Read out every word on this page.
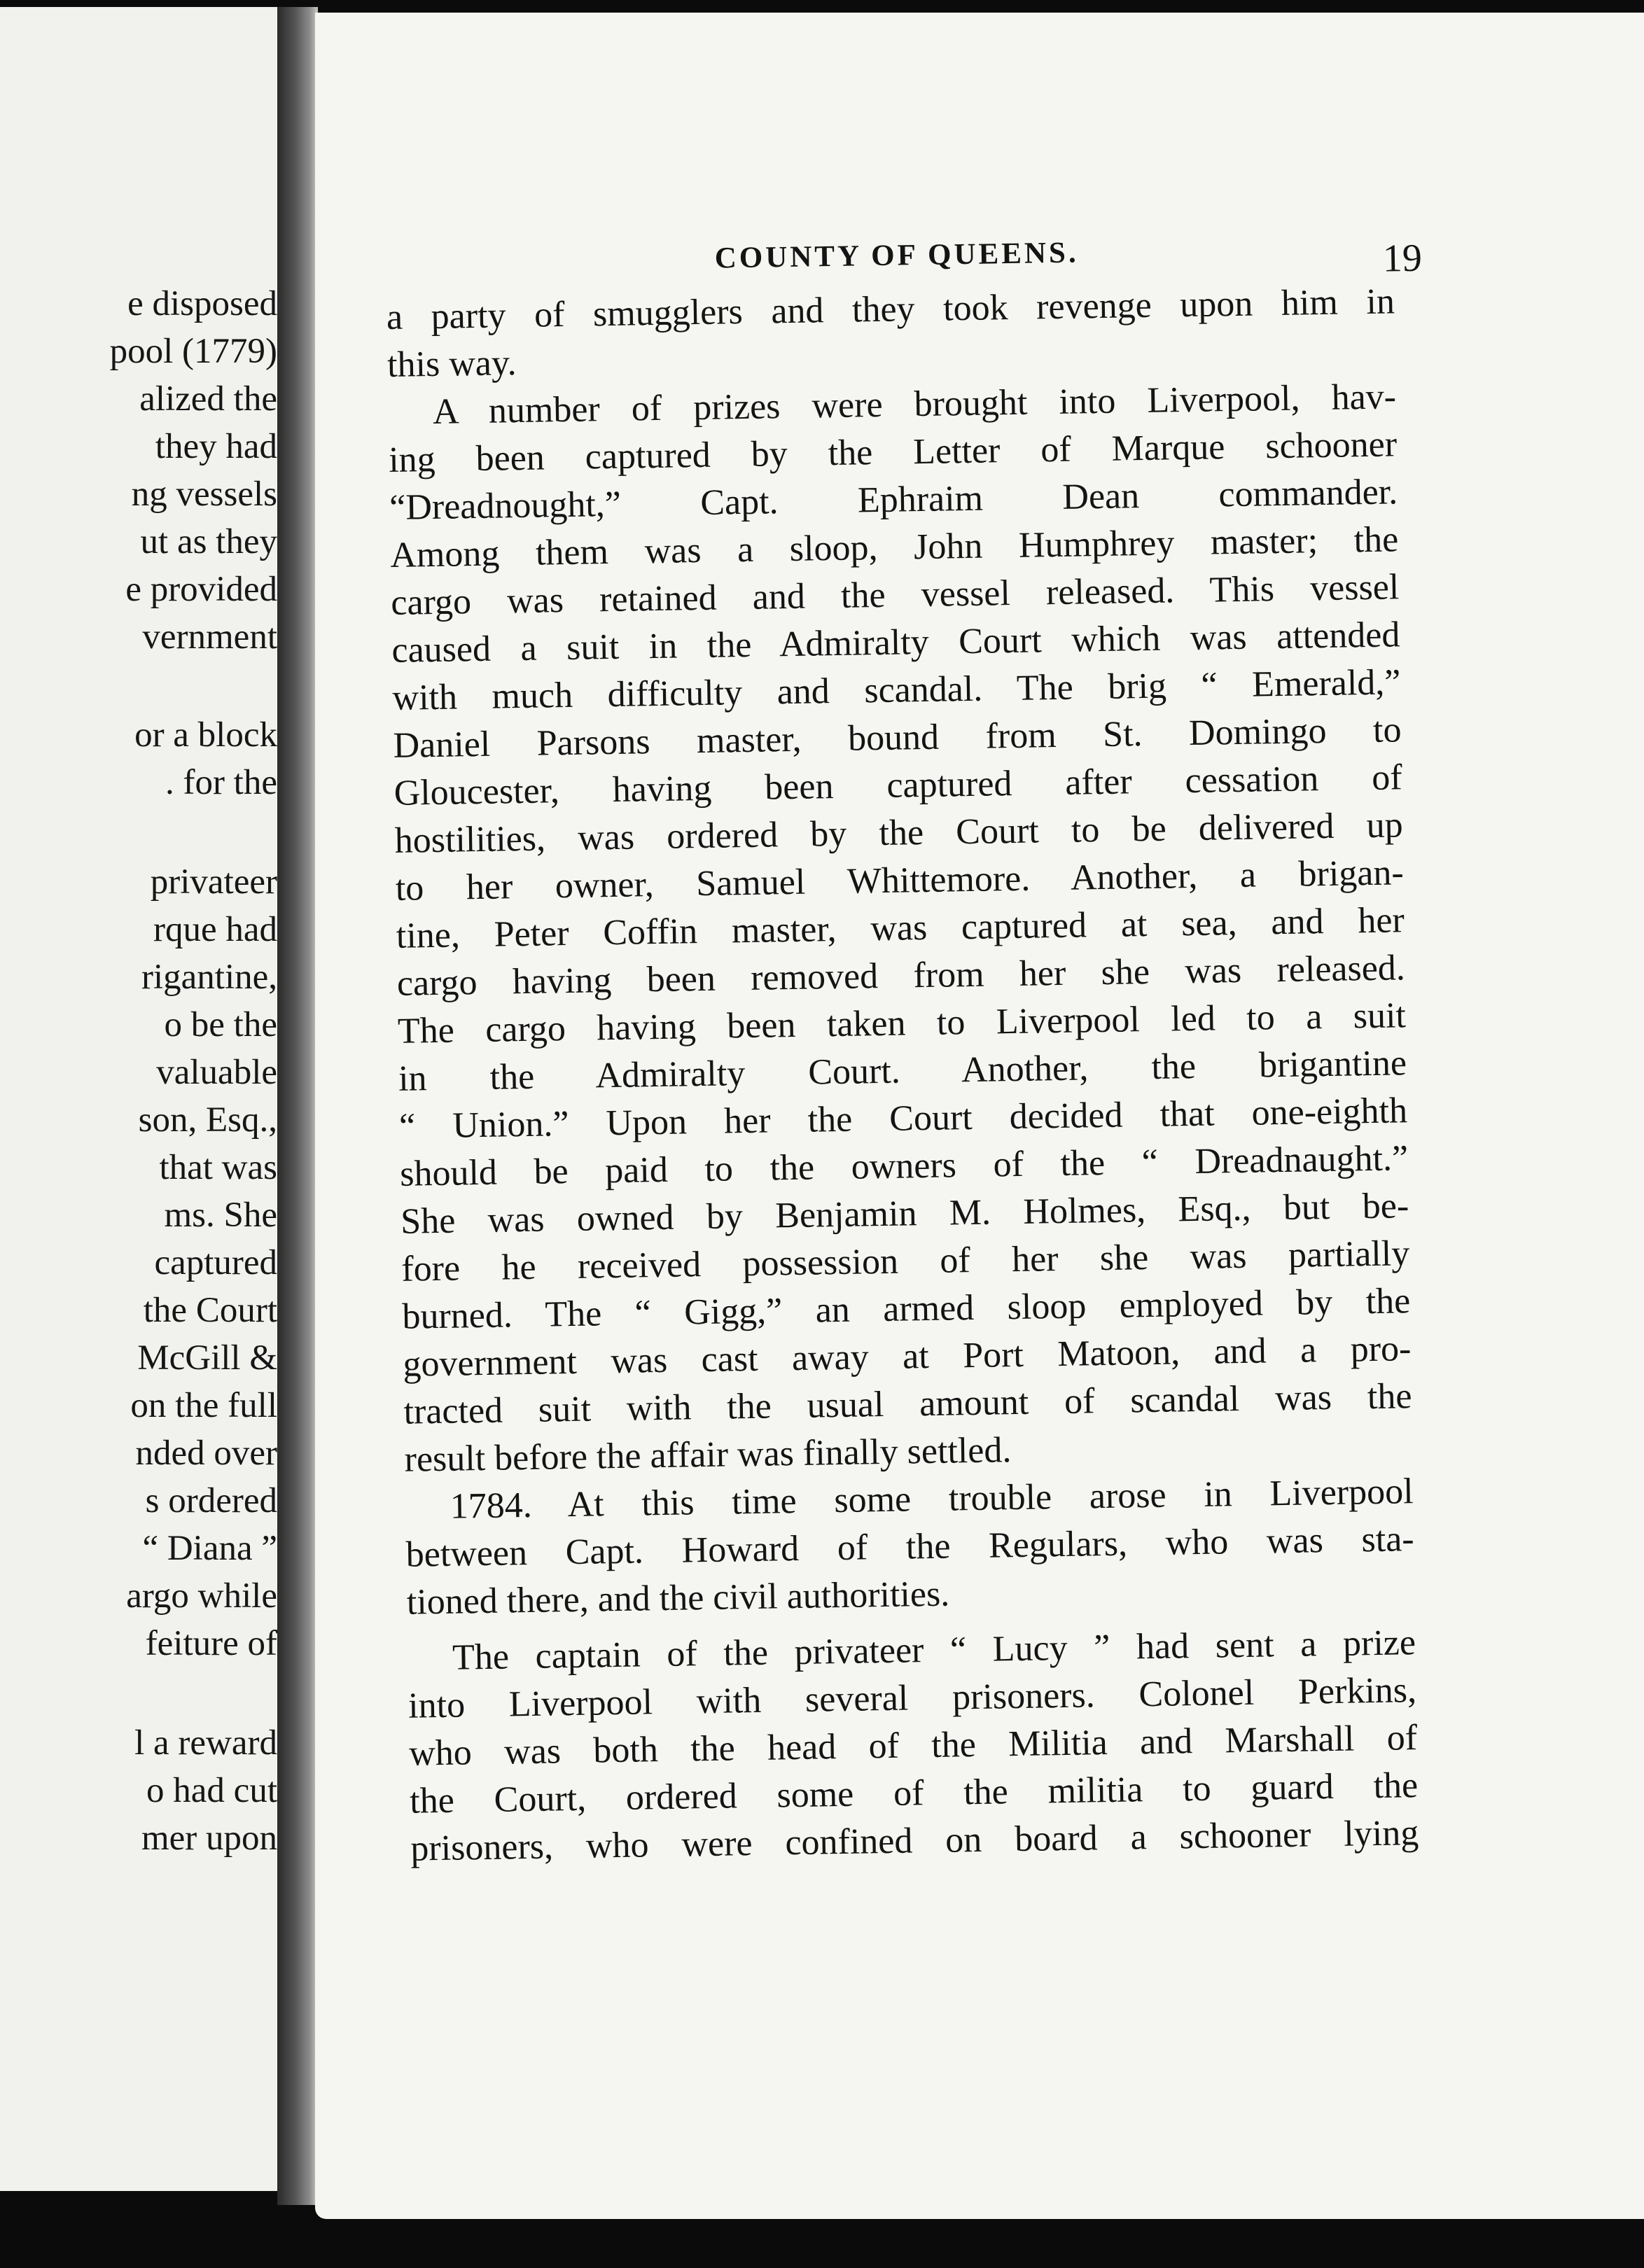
e disposed

pool (1779)

alized the

they had

ng vessels

ut as they

e provided

vernment

or a block

. for the

privateer

rque had

rigantine,

o be the

valuable

son, Esq.,

that was

ms. She

captured

the Court

McGill &

on the full

nded over

s ordered

“ Diana ”

argo while

feiture of

l a reward

o had cut

mer upon

COUNTY OF QUEENS.	19

a party of smugglers and they took revenge upon him in

this way.

A number of prizes were brought into Liverpool, hav-

ing been captured by the Letter of Marque schooner

“Dreadnought,” Capt. Ephraim Dean commander.

Among them was a sloop, John Humphrey master; the

cargo was retained and the vessel released. This vessel

caused a suit in the Admiralty Court which was attended

with much difficulty and scandal. The brig “ Emerald,”

Daniel Parsons master, bound from St. Domingo to

Gloucester, having been captured after cessation of

hostilities, was ordered by the Court to be delivered up

to her owner, Samuel Whittemore. Another, a brigan-

tine, Peter Coffin master, was captured at sea, and her

cargo having been removed from her she was released.

The cargo having been taken to Liverpool led to a suit

in the Admiralty Court. Another, the brigantine

“ Union.” Upon her the Court decided that one-eighth

should be paid to the owners of the “ Dreadnaught.”

She was owned by Benjamin M. Holmes, Esq., but be-

fore he received possession of her she was partially

burned. The “ Gigg,” an armed sloop employed by the

government was cast away at Port Matoon, and a pro-

tracted suit with the usual amount of scandal was the

result before the affair was finally settled.

1784. At this time some trouble arose in Liverpool

between Capt. Howard of the Regulars, who was sta-

tioned there, and the civil authorities.

The captain of the privateer “ Lucy ” had sent a prize

into Liverpool with several prisoners. Colonel Perkins,

who was both the head of the Militia and Marshall of

the Court, ordered some of the militia to guard the

prisoners, who were confined on board a schooner lying
